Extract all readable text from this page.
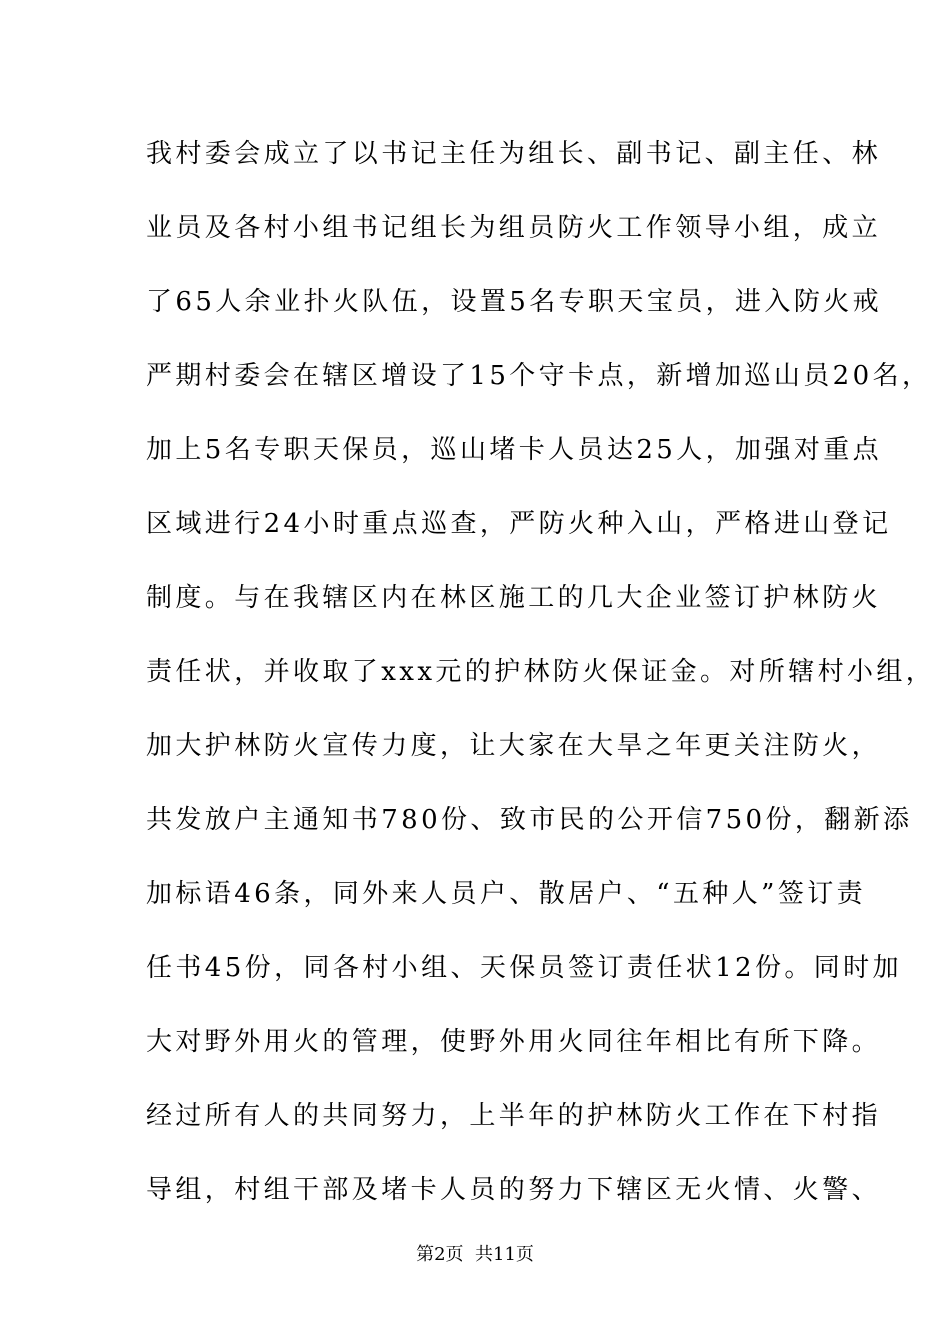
我村委会成立了以书记主任为组长、副书记、副主任、林
业员及各村小组书记组长为组员防火工作领导小组，成立
了65人余业扑火队伍，设置5名专职天宝员，进入防火戒
严期村委会在辖区增设了15个守卡点，新增加巡山员20名，
加上5名专职天保员，巡山堵卡人员达25人，加强对重点
区域进行24小时重点巡查，严防火种入山，严格进山登记
制度。与在我辖区内在林区施工的几大企业签订护林防火
责任状，并收取了xxx元的护林防火保证金。对所辖村小组，
加大护林防火宣传力度，让大家在大旱之年更关注防火，
共发放户主通知书780份、致市民的公开信750份，翻新添
加标语46条，同外来人员户、散居户、“五种人”签订责
任书45份，同各村小组、天保员签订责任状12份。同时加
大对野外用火的管理，使野外用火同往年相比有所下降。
经过所有人的共同努力，上半年的护林防火工作在下村指
导组，村组干部及堵卡人员的努力下辖区无火情、火警、
第2页  共11页
